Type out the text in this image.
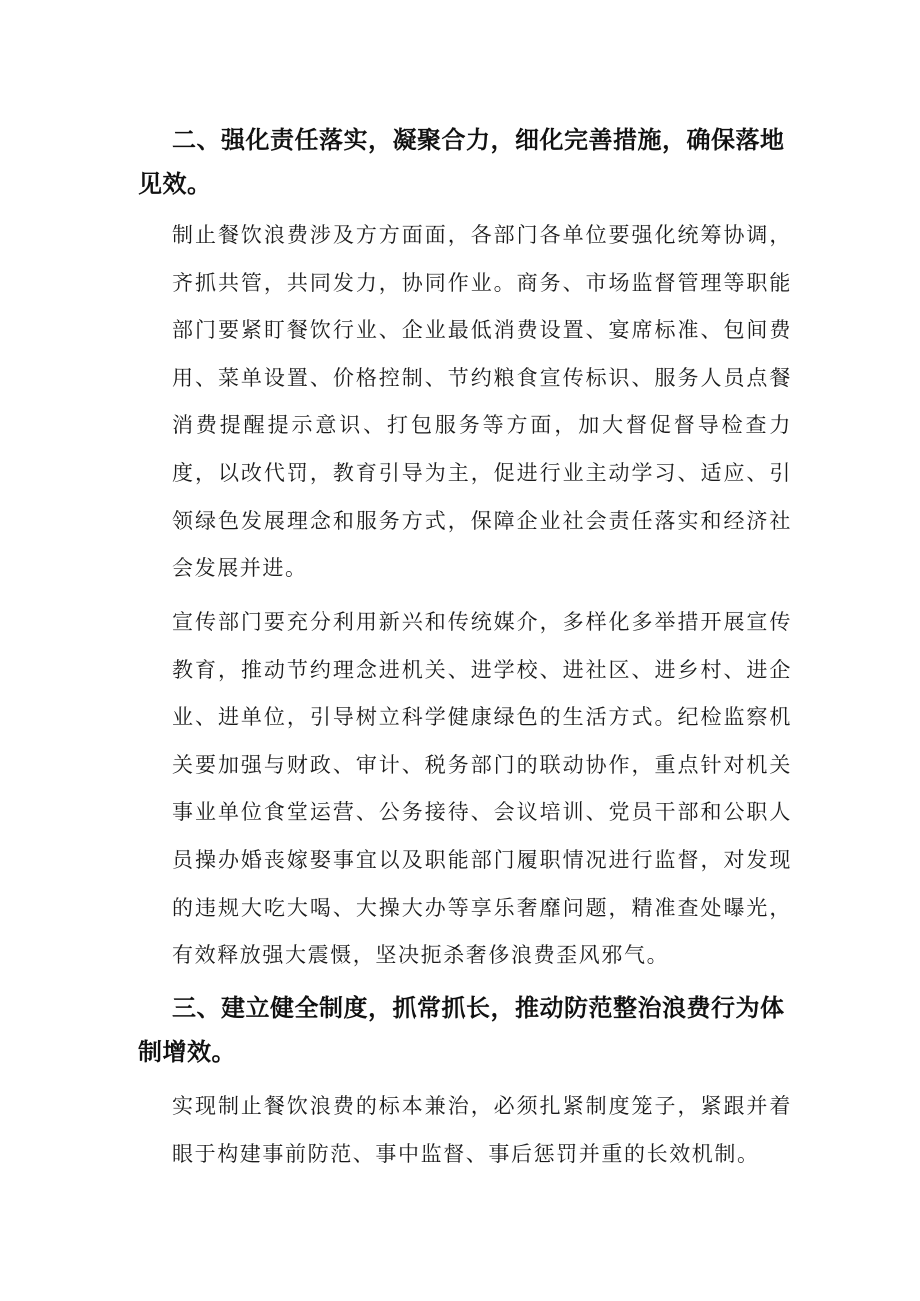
二、强化责任落实，凝聚合力，细化完善措施，确保落地见效。

制止餐饮浪费涉及方方面面，各部门各单位要强化统筹协调，齐抓共管，共同发力，协同作业。商务、市场监督管理等职能部门要紧盯餐饮行业、企业最低消费设置、宴席标准、包间费用、菜单设置、价格控制、节约粮食宣传标识、服务人员点餐消费提醒提示意识、打包服务等方面，加大督促督导检查力度，以改代罚，教育引导为主，促进行业主动学习、适应、引领绿色发展理念和服务方式，保障企业社会责任落实和经济社会发展并进。

宣传部门要充分利用新兴和传统媒介，多样化多举措开展宣传教育，推动节约理念进机关、进学校、进社区、进乡村、进企业、进单位，引导树立科学健康绿色的生活方式。纪检监察机关要加强与财政、审计、税务部门的联动协作，重点针对机关事业单位食堂运营、公务接待、会议培训、党员干部和公职人员操办婚丧嫁娶事宜以及职能部门履职情况进行监督，对发现的违规大吃大喝、大操大办等享乐奢靡问题，精准查处曝光，有效释放强大震慑，坚决扼杀奢侈浪费歪风邪气。

三、建立健全制度，抓常抓长，推动防范整治浪费行为体制增效。

实现制止餐饮浪费的标本兼治，必须扎紧制度笼子，紧跟并着眼于构建事前防范、事中监督、事后惩罚并重的长效机制。
